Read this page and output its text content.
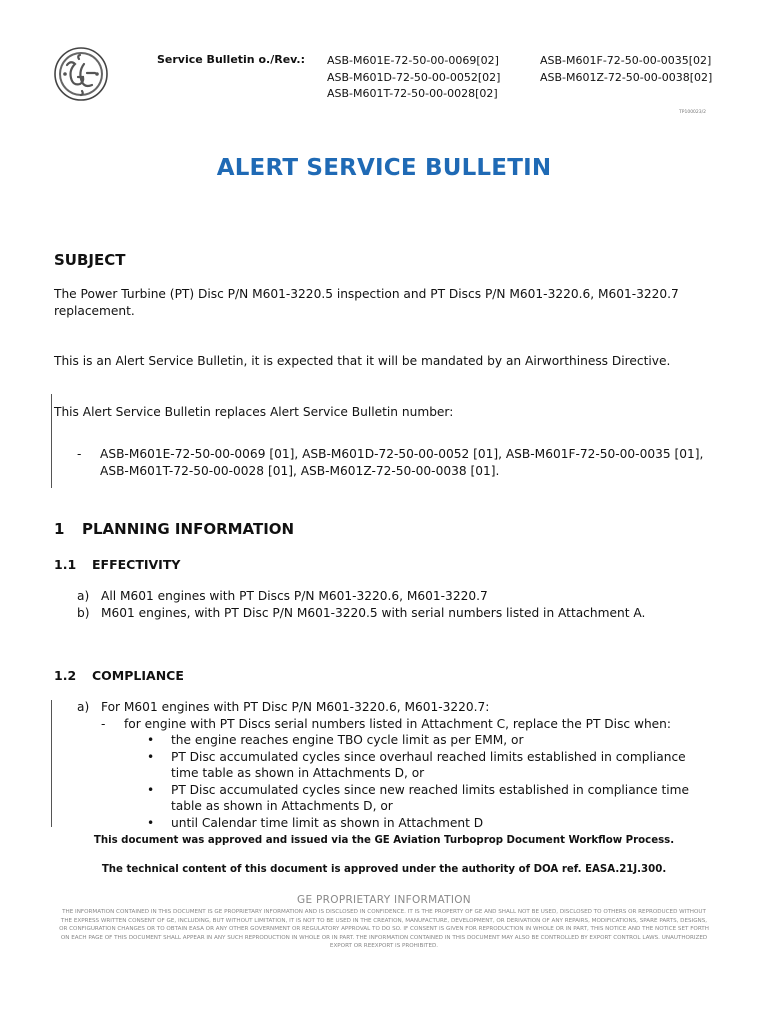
Service Bulletin o./Rev.: ASB-M601E-72-50-00-0069[02]
ASB-M601D-72-50-00-0052[02]
ASB-M601T-72-50-00-0028[02]
ASB-M601F-72-50-00-0035[02]
ASB-M601Z-72-50-00-0038[02]
TP100023/2
ALERT SERVICE BULLETIN
SUBJECT
The Power Turbine (PT) Disc P/N M601-3220.5 inspection and PT Discs P/N M601-3220.6, M601-3220.7 replacement.
This is an Alert Service Bulletin, it is expected that it will be mandated by an Airworthiness Directive.
This Alert Service Bulletin replaces Alert Service Bulletin number:
- ASB-M601E-72-50-00-0069 [01], ASB-M601D-72-50-00-0052 [01], ASB-M601F-72-50-00-0035 [01], ASB-M601T-72-50-00-0028 [01], ASB-M601Z-72-50-00-0038 [01].
1 PLANNING INFORMATION
1.1 EFFECTIVITY
a) All M601 engines with PT Discs P/N M601-3220.6, M601-3220.7
b) M601 engines, with PT Disc P/N M601-3220.5 with serial numbers listed in Attachment A.
1.2 COMPLIANCE
a) For M601 engines with PT Disc P/N M601-3220.6, M601-3220.7:
- for engine with PT Discs serial numbers listed in Attachment C, replace the PT Disc when:
• the engine reaches engine TBO cycle limit as per EMM, or
• PT Disc accumulated cycles since overhaul reached limits established in compliance time table as shown in Attachments D, or
• PT Disc accumulated cycles since new reached limits established in compliance time table as shown in Attachments D, or
• until Calendar time limit as shown in Attachment D
This document was approved and issued via the GE Aviation Turboprop Document Workflow Process.
The technical content of this document is approved under the authority of DOA ref. EASA.21J.300.
GE PROPRIETARY INFORMATION
THE INFORMATION CONTAINED IN THIS DOCUMENT IS GE PROPRIETARY INFORMATION AND IS DISCLOSED IN CONFIDENCE. IT IS THE PROPERTY OF GE AND SHALL NOT BE USED, DISCLOSED TO OTHERS OR REPRODUCED WITHOUT THE EXPRESS WRITTEN CONSENT OF GE, INCLUDING, BUT WITHOUT LIMITATION, IT IS NOT TO BE USED IN THE CREATION, MANUFACTURE, DEVELOPMENT, OR DERIVATION OF ANY REPAIRS, MODIFICATIONS, SPARE PARTS, DESIGNS, OR CONFIGURATION CHANGES OR TO OBTAIN EASA OR ANY OTHER GOVERNMENT OR REGULATORY APPROVAL TO DO SO. IF CONSENT IS GIVEN FOR REPRODUCTION IN WHOLE OR IN PART, THIS NOTICE AND THE NOTICE SET FORTH ON EACH PAGE OF THIS DOCUMENT SHALL APPEAR IN ANY SUCH REPRODUCTION IN WHOLE OR IN PART. THE INFORMATION CONTAINED IN THIS DOCUMENT MAY ALSO BE CONTROLLED BY EXPORT CONTROL LAWS. UNAUTHORIZED EXPORT OR REEXPORT IS PROHIBITED.
